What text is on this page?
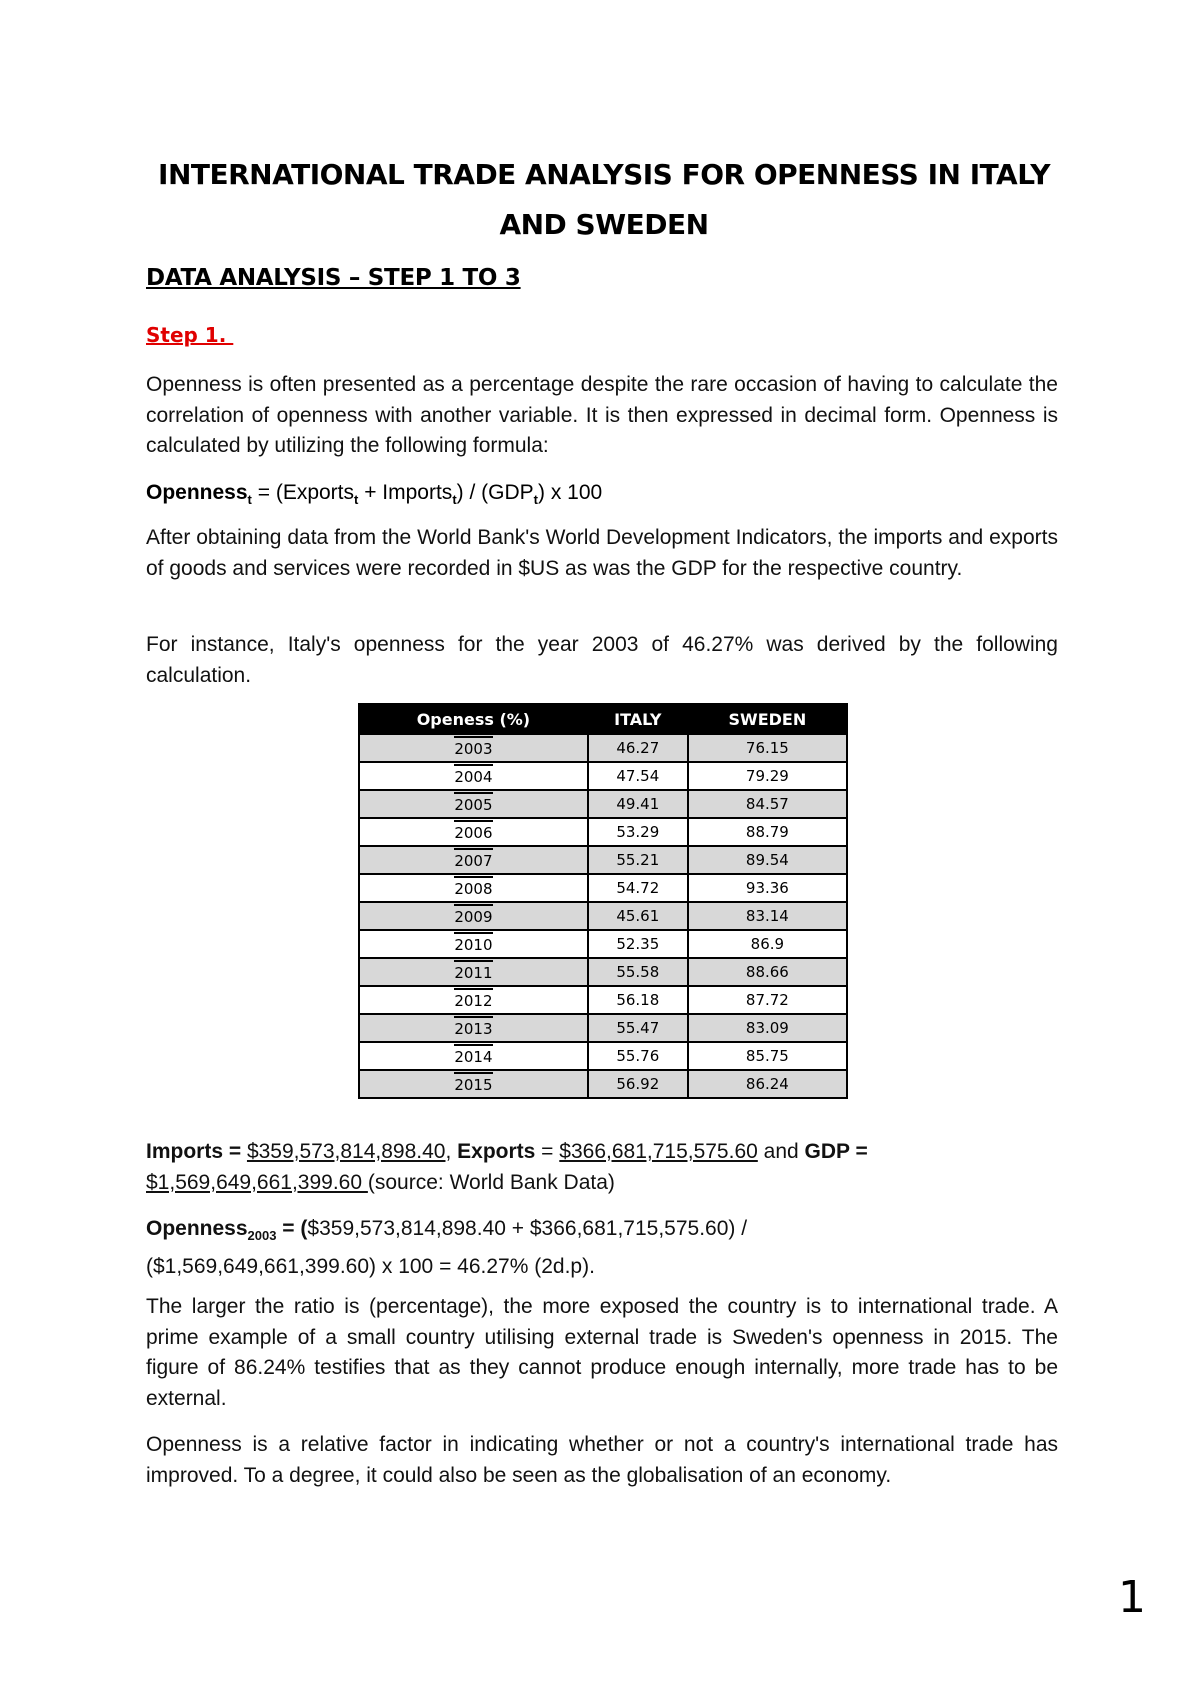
INTERNATIONAL TRADE ANALYSIS FOR OPENNESS IN ITALY
AND SWEDEN
DATA ANALYSIS – STEP 1 TO 3
Step 1.
Openness is often presented as a percentage despite the rare occasion of having to calculate the correlation of openness with another variable. It is then expressed in decimal form. Openness is calculated by utilizing the following formula:
Openness$_t$ = (Exports$_t$ + Imports$_t$) / $(GDP_t)$ x 100
After obtaining data from the World Bank's World Development Indicators, the imports and exports of goods and services were recorded in $US as was the GDP for the respective country.
For instance, Italy's openness for the year 2003 of 46.27% was derived by the following calculation.
Openess (%)	ITALY	SWEDEN
2003	46.27	76.15
2004	47.54	79.29
2005	49.41	84.57
2006	53.29	88.79
2007	55.21	89.54
2008	54.72	93.36
2009	45.61	83.14
2010	52.35	86.9
2011	55.58	88.66
2012	56.18	87.72
2013	55.47	83.09
2014	55.76	85.75
2015	56.92	86.24
Imports = $359,573,814,898.40, Exports = $366,681,715,575.60 and GDP =
$1,569,649,661,399.60 (source: World Bank Data)
Openness$_{2003}$ = ($359,573,814,898.40 + $366,681,715,575.60) /
($1,569,649,661,399.60) x 100 = 46.27% (2d.p).
The larger the ratio is (percentage), the more exposed the country is to international trade. A prime example of a small country utilising external trade is Sweden's openness in 2015. The figure of 86.24% testifies that as they cannot produce enough internally, more trade has to be external.
Openness is a relative factor in indicating whether or not a country's international trade has improved. To a degree, it could also be seen as the globalisation of an economy.
1
